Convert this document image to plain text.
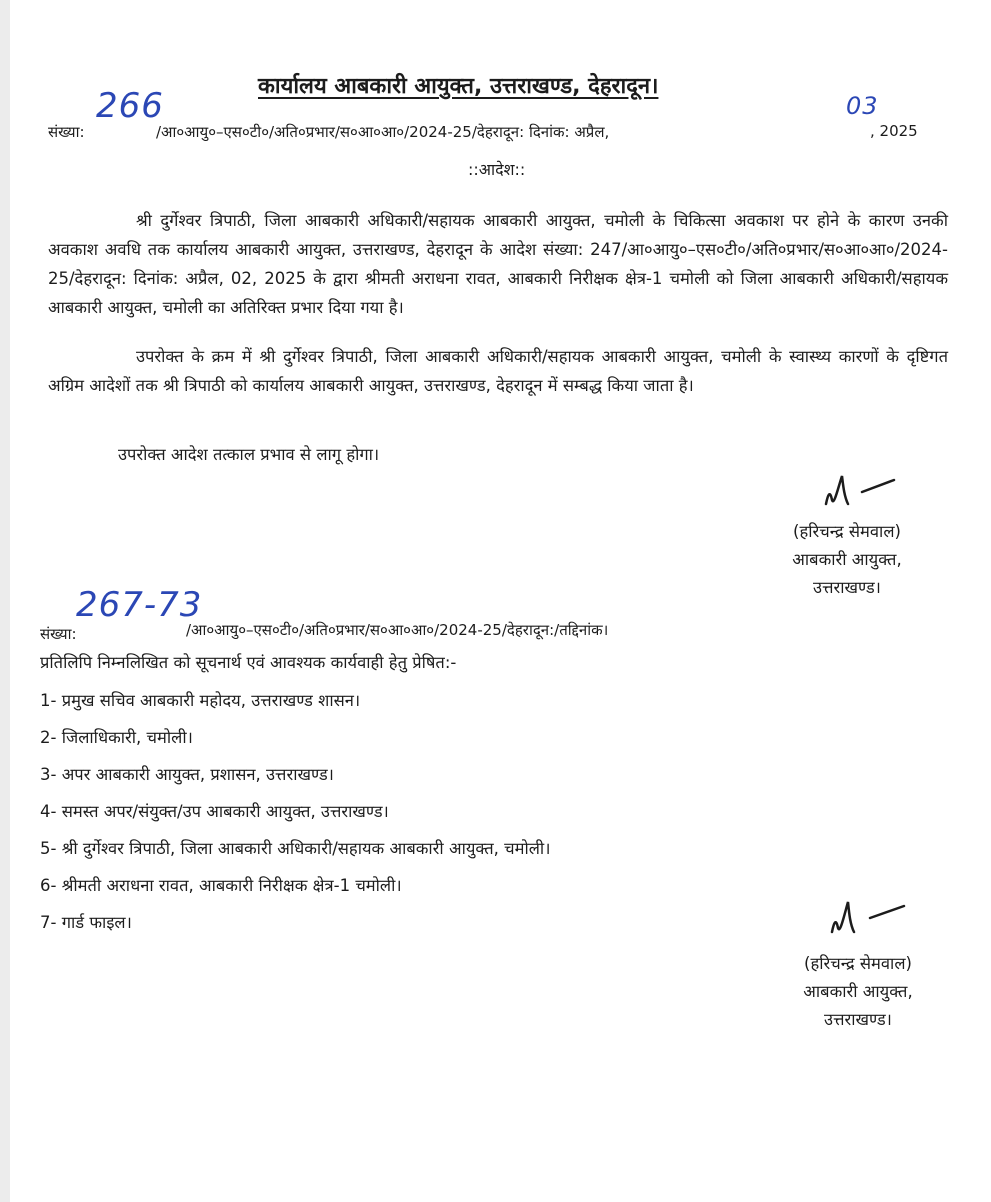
कार्यालय आबकारी आयुक्त, उत्तराखण्ड, देहरादून।
266
संख्या:	/आ०आयु०–एस०टी०/अति०प्रभार/स०आ०आ०/2024-25/देहरादून: दिनांक: अप्रैल,
03
, 2025
::आदेश::
श्री दुर्गेश्वर त्रिपाठी, जिला आबकारी अधिकारी/सहायक आबकारी आयुक्त, चमोली के चिकित्सा अवकाश पर होने के कारण उनकी अवकाश अवधि तक कार्यालय आबकारी आयुक्त, उत्तराखण्ड, देहरादून के आदेश संख्या: 247/आ०आयु०–एस०टी०/अति०प्रभार/स०आ०आ०/2024-25/देहरादून: दिनांक: अप्रैल, 02, 2025 के द्वारा श्रीमती अराधना रावत, आबकारी निरीक्षक क्षेत्र-1 चमोली को जिला आबकारी अधिकारी/सहायक आबकारी आयुक्त, चमोली का अतिरिक्त प्रभार दिया गया है।
उपरोक्त के क्रम में श्री दुर्गेश्वर त्रिपाठी, जिला आबकारी अधिकारी/सहायक आबकारी आयुक्त, चमोली के स्वास्थ्य कारणों के दृष्टिगत अग्रिम आदेशों तक श्री त्रिपाठी को कार्यालय आबकारी आयुक्त, उत्तराखण्ड, देहरादून में सम्बद्ध किया जाता है।
उपरोक्त आदेश तत्काल प्रभाव से लागू होगा।
(हरिचन्द्र सेमवाल)
आबकारी आयुक्त,
उत्तराखण्ड।
267-73
संख्या:	/आ०आयु०–एस०टी०/अति०प्रभार/स०आ०आ०/2024-25/देहरादून:/तद्दिनांक।
प्रतिलिपि निम्नलिखित को सूचनार्थ एवं आवश्यक कार्यवाही हेतु प्रेषित:-
1- प्रमुख सचिव आबकारी महोदय, उत्तराखण्ड शासन।
2- जिलाधिकारी, चमोली।
3- अपर आबकारी आयुक्त, प्रशासन, उत्तराखण्ड।
4- समस्त अपर/संयुक्त/उप आबकारी आयुक्त, उत्तराखण्ड।
5- श्री दुर्गेश्वर त्रिपाठी, जिला आबकारी अधिकारी/सहायक आबकारी आयुक्त, चमोली।
6- श्रीमती अराधना रावत, आबकारी निरीक्षक क्षेत्र-1 चमोली।
7- गार्ड फाइल।
(हरिचन्द्र सेमवाल)
आबकारी आयुक्त,
उत्तराखण्ड।
